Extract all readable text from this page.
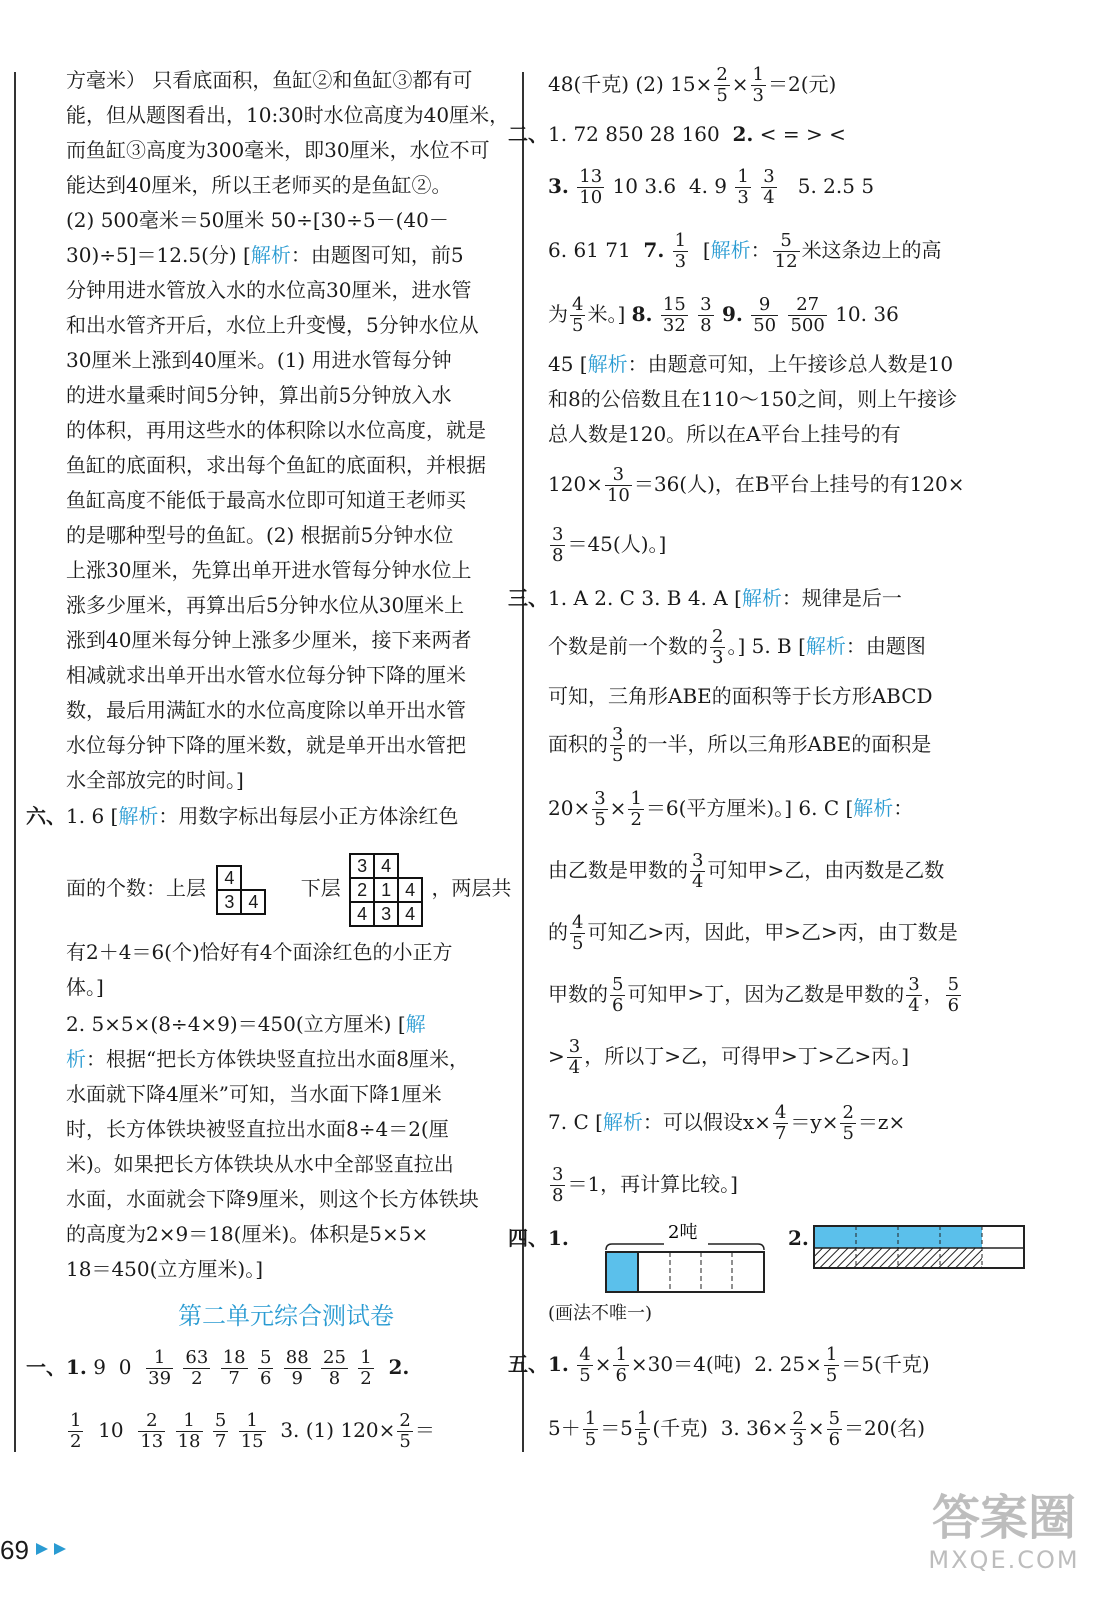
方毫米） 只看底面积，鱼缸②和鱼缸③都有可
能，但从题图看出，10:30时水位高度为40厘米，
而鱼缸③高度为300毫米，即30厘米，水位不可
能达到40厘米，所以王老师买的是鱼缸②。
(2) 500毫米＝50厘米 50÷[30÷5－(40－
30)÷5]＝12.5(分) [解析：由题图可知，前5
分钟用进水管放入水的水位高30厘米，进水管
和出水管齐开后，水位上升变慢，5分钟水位从
30厘米上涨到40厘米。(1) 用进水管每分钟
的进水量乘时间5分钟，算出前5分钟放入水
的体积，再用这些水的体积除以水位高度，就是
鱼缸的底面积，求出每个鱼缸的底面积，并根据
鱼缸高度不能低于最高水位即可知道王老师买
的是哪种型号的鱼缸。(2) 根据前5分钟水位
上涨30厘米，先算出单开进水管每分钟水位上
涨多少厘米，再算出后5分钟水位从30厘米上
涨到40厘米每分钟上涨多少厘米，接下来两者
相减就求出单开出水管水位每分钟下降的厘米
数，最后用满缸水的水位高度除以单开出水管
水位每分钟下降的厘米数，就是单开出水管把
水全部放完的时间。]
六、 1. 6 [解析：用数字标出每层小正方体涂红色
面的个数：上层 4	
3	4 下层 3	4	
2	1	4
4	3	4 ，两层共
有2＋4＝6(个)恰好有4个面涂红色的小正方
体。]
2. 5×5×(8÷4×9)＝450(立方厘米) [解
析：根据“把长方体铁块竖直拉出水面8厘米，
水面就下降4厘米”可知，当水面下降1厘米
时，长方体铁块被竖直拉出水面8÷4＝2(厘
米)。如果把长方体铁块从水中全部竖直拉出
水面，水面就会下降9厘米，则这个长方体铁块
的高度为2×9＝18(厘米)。体积是5×5×
18＝450(立方厘米)。]
第二单元综合测试卷
一、1. 9 $0 \frac{1}{39}$
$\frac{63}{2}$
$\frac{18}{7}$
$\frac{5}{6}$
$\frac{88}{9}$
$\frac{25}{8}$
$\frac{1}{2} 2$.
$\frac{1}{2} 10 \frac{2}{13}$
$\frac{1}{18}$
$\frac{5}{7}$
$\frac{1}{15} 3$. (1) $120\times \frac{2}{5}$ ＝
48(千克) (2) $15\times \frac{2}{5} \times \frac{1}{3} =2$(元)
二、1. 72 850 28 160 2. < = > <
3. $\frac{13}{10} 10$ 3.6 4. $9 \frac{1}{3}$
$\frac{3}{4} 5$. 2.5 5
6. 61 71 7. $\frac{1}{3}$ [解析： $\frac{5}{12}$ 米这条边上的高
为 $\frac{4}{5}$ 米。] 8. $\frac{15}{32}$
$\frac{3}{8} 9$. $\frac{9}{50}$
$\frac{27}{500} 10$. 36
45 [解析：由题意可知，上午接诊总人数是10
和8的公倍数且在110～150之间，则上午接诊
总人数是120。所以在A平台上挂号的有
$120\times \frac{3}{10} =36$(人)，在B平台上挂号的有120×
$\frac{3}{8} =45$(人)。]
三、1. A 2. C 3. B 4. A [解析：规律是后一
个数是前一个数的 $\frac{2}{3}$ 。] 5. B [解析：由题图
可知，三角形ABE的面积等于长方形ABCD
面积的 $\frac{3}{5}$ 的一半，所以三角形ABE的面积是
$20\times \frac{3}{5} \times \frac{1}{2} =6$(平方厘米)。] 6. C [解析：
由乙数是甲数的 $\frac{3}{4}$ 可知甲>乙，由丙数是乙数
的 $\frac{4}{5}$ 可知乙>丙，因此，甲>乙>丙，由丁数是
甲数的 $\frac{5}{6}$ 可知甲>丁，因为乙数是甲数的 $\frac{3}{4}$ ， $\frac{5}{6}$
> $\frac{3}{4}$ ，所以丁>乙，可得甲>丁>乙>丙。]
7. C [解析：可以假设$x\times \frac{4}{7} =y\times \frac{2}{5} =z\times$
$\frac{3}{8} =1$，再计算比较。]
四、 1.	2吨	2.
(画法不唯一)
五、1. $\frac{4}{5} \times \frac{1}{6} \times 30=4$(吨) 2. $25\times \frac{1}{5} =5$(千克)
$5+ \frac{1}{5} =5 \frac{1}{5}$ (千克) 3. $36\times \frac{2}{3} \times \frac{5}{6} =20$(名)
69
答案圈
MXQE.COM
